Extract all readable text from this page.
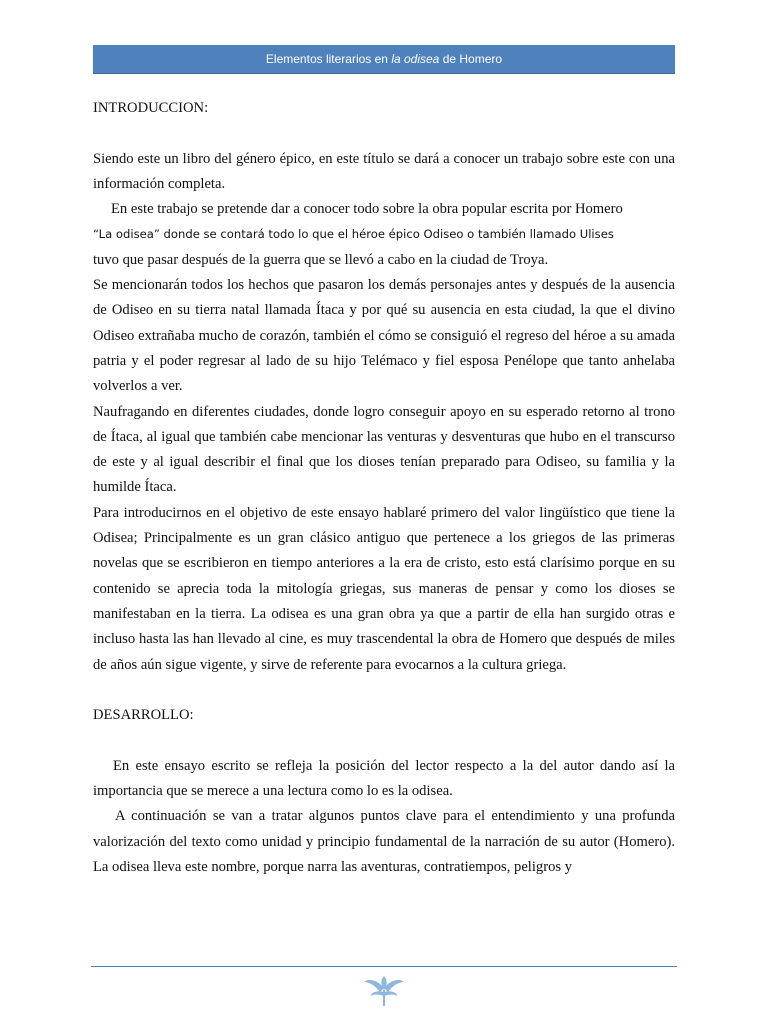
Elementos literarios en la odisea de Homero

INTRODUCCION:

Siendo este un libro del género épico, en este título se dará a conocer un trabajo sobre este con una información completa.

En este trabajo se pretende dar a conocer todo sobre la obra popular escrita por Homero

“La odisea” donde se contará todo lo que el héroe épico Odiseo o también llamado Ulises

tuvo que pasar después de la guerra que se llevó a cabo en la ciudad de Troya.

Se mencionarán todos los hechos que pasaron los demás personajes antes y después de la ausencia de Odiseo en su tierra natal llamada Ítaca y por qué su ausencia en esta ciudad, la que el divino Odiseo extrañaba mucho de corazón, también el cómo se consiguió el regreso del héroe a su amada patria y el poder regresar al lado de su hijo Telémaco y fiel esposa Penélope que tanto anhelaba volverlos a ver.

Naufragando en diferentes ciudades, donde logro conseguir apoyo en su esperado retorno al trono de Ítaca, al igual que también cabe mencionar las venturas y desventuras que hubo en el transcurso de este y al igual describir el final que los dioses tenían preparado para Odiseo, su familia y la humilde Ítaca.

Para introducirnos en el objetivo de este ensayo hablaré primero del valor lingüístico que tiene la Odisea; Principalmente es un gran clásico antiguo que pertenece a los griegos de las primeras novelas que se escribieron en tiempo anteriores a la era de cristo, esto está clarísimo porque en su contenido se aprecia toda la mitología griegas, sus maneras de pensar y como los dioses se manifestaban en la tierra. La odisea es una gran obra ya que a partir de ella han surgido otras e incluso hasta las han llevado al cine, es muy trascendental la obra de Homero que después de miles de años aún sigue vigente, y sirve de referente para evocarnos a la cultura griega.

DESARROLLO:

En este ensayo escrito se refleja la posición del lector respecto a la del autor dando así la importancia que se merece a una lectura como lo es la odisea.

A continuación se van a tratar algunos puntos clave para el entendimiento y una profunda valorización del texto como unidad y principio fundamental de la narración de su autor (Homero). La odisea lleva este nombre, porque narra las aventuras, contratiempos, peligros y
